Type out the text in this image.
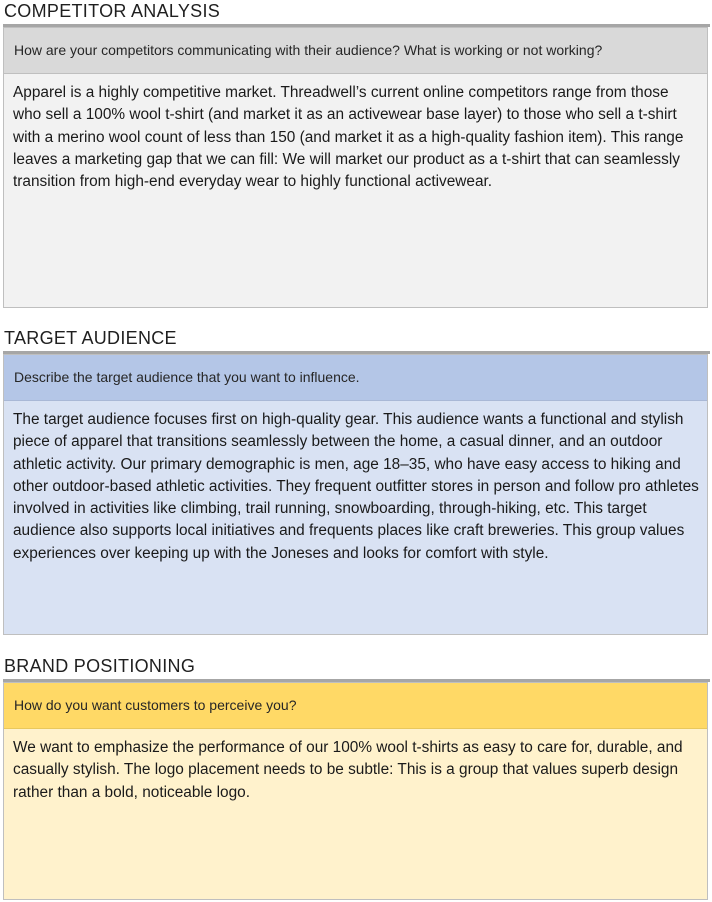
COMPETITOR ANALYSIS
How are your competitors communicating with their audience? What is working or not working?
Apparel is a highly competitive market. Threadwell’s current online competitors range from those who sell a 100% wool t-shirt (and market it as an activewear base layer) to those who sell a t-shirt with a merino wool count of less than 150 (and market it as a high-quality fashion item). This range leaves a marketing gap that we can fill: We will market our product as a t-shirt that can seamlessly transition from high-end everyday wear to highly functional activewear.
TARGET AUDIENCE
Describe the target audience that you want to influence.
The target audience focuses first on high-quality gear. This audience wants a functional and stylish piece of apparel that transitions seamlessly between the home, a casual dinner, and an outdoor athletic activity. Our primary demographic is men, age 18–35, who have easy access to hiking and other outdoor-based athletic activities. They frequent outfitter stores in person and follow pro athletes involved in activities like climbing, trail running, snowboarding, through-hiking, etc. This target audience also supports local initiatives and frequents places like craft breweries. This group values experiences over keeping up with the Joneses and looks for comfort with style.
BRAND POSITIONING
How do you want customers to perceive you?
We want to emphasize the performance of our 100% wool t-shirts as easy to care for, durable, and casually stylish. The logo placement needs to be subtle: This is a group that values superb design rather than a bold, noticeable logo.
